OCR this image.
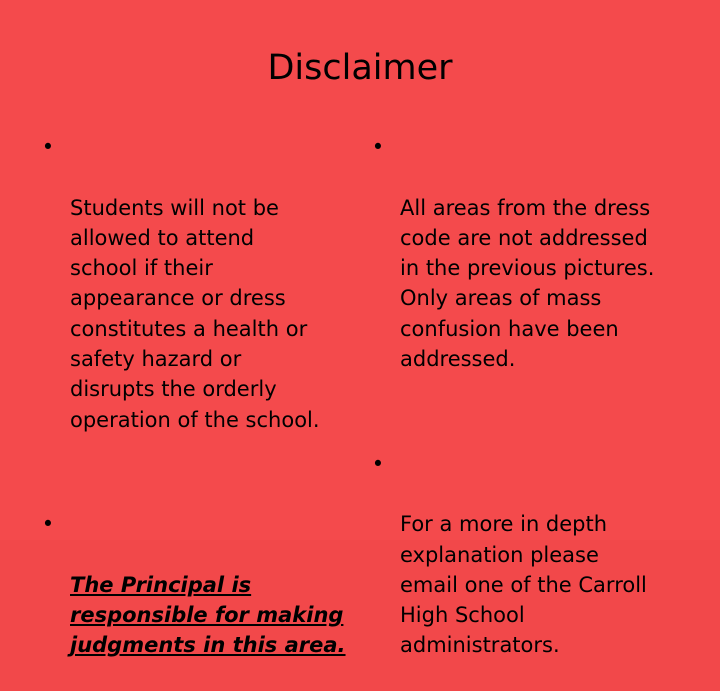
Disclaimer

•

Students will not be
allowed to attend
school if their
appearance or dress
constitutes a health or
safety hazard or
disrupts the orderly
operation of the school.

•

The Principal is
responsible for making
judgments in this area.

•

All areas from the dress
code are not addressed
in the previous pictures.
Only areas of mass
confusion have been
addressed.

•

For a more in depth
explanation please
email one of the Carroll
High School
administrators.
